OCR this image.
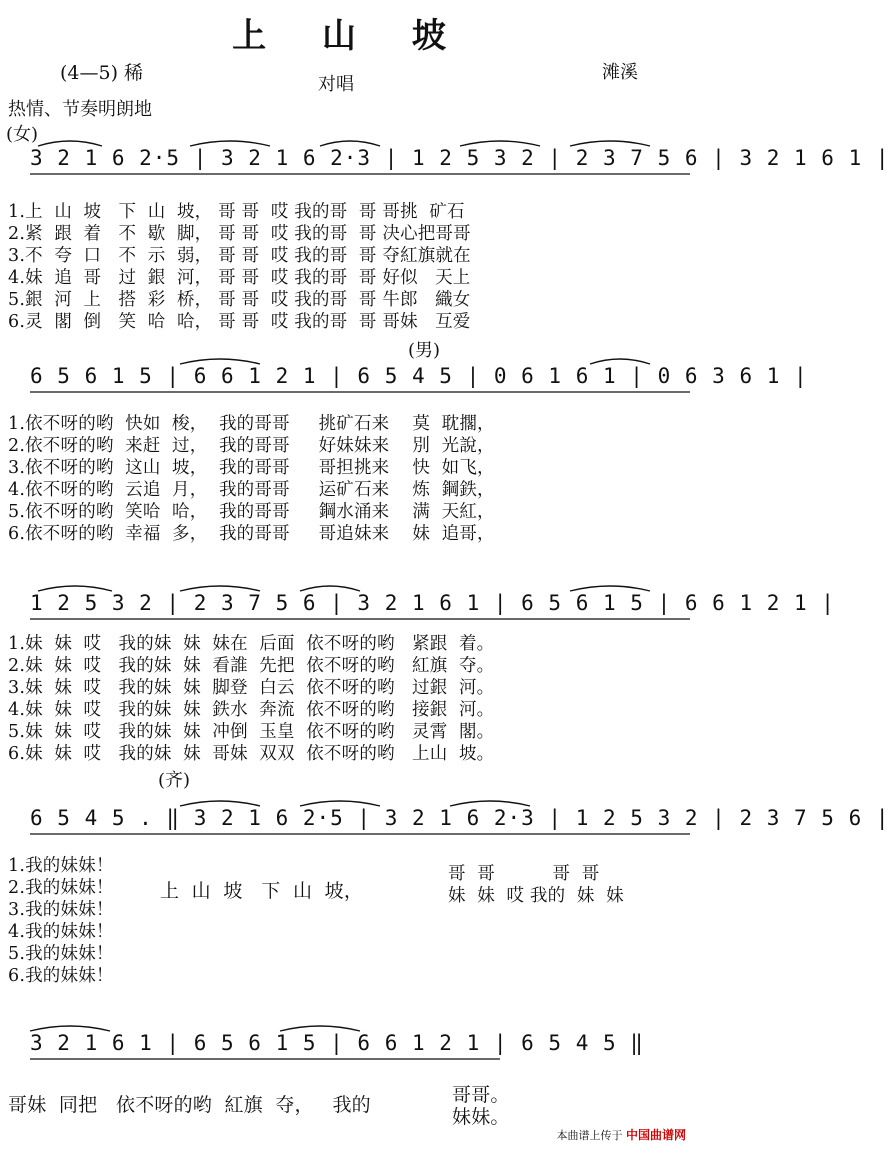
上 山 坡
(4—5) 稀
对唱
滩溪
热情、节奏明朗地
(女)
3 2 1 6 2·5 | 3 2 1 6 2·3 | 1 2 5 3 2 | 2 3 7 5 6 | 3 2 1 6 1 |
1.上  山  坡   下  山  坡， 哥 哥  哎 我的哥  哥 哥挑  矿石
2.紧  跟  着   不  歇  脚， 哥 哥  哎 我的哥  哥 决心把哥哥
3.不  夸  口   不  示  弱， 哥 哥  哎 我的哥  哥 夺紅旗就在
4.妹  追  哥   过  銀  河， 哥 哥  哎 我的哥  哥 好似   天上
5.銀  河  上   搭  彩  桥， 哥 哥  哎 我的哥  哥 牛郎   織女
6.灵  閣  倒   笑  哈  哈， 哥 哥  哎 我的哥  哥 哥妹   互爱
(男)
6 5 6 1 5 | 6 6 1 2 1 | 6 5 4 5 | 0 6 1 6 1 | 0 6 3 6 1 |
1.依不呀的哟  快如  梭，  我的哥哥     挑矿石来    莫  耽擱，
2.依不呀的哟  来赶  过，  我的哥哥     好妹妹来    別  光說，
3.依不呀的哟  这山  坡，  我的哥哥     哥担挑来    快  如飞，
4.依不呀的哟  云追  月，  我的哥哥     运矿石来    炼  鋼鉄，
5.依不呀的哟  笑哈  哈，  我的哥哥     鋼水涌来    满  天紅，
6.依不呀的哟  幸福  多，  我的哥哥     哥追妹来    妹  追哥，
1 2 5 3 2 | 2 3 7 5 6 | 3 2 1 6 1 | 6 5 6 1 5 | 6 6 1 2 1 |
1.妹  妹  哎   我的妹  妹  妹在  后面  依不呀的哟   紧跟  着。
2.妹  妹  哎   我的妹  妹  看誰  先把  依不呀的哟   紅旗  夺。
3.妹  妹  哎   我的妹  妹  脚登  白云  依不呀的哟   过銀  河。
4.妹  妹  哎   我的妹  妹  鉄水  奔流  依不呀的哟   接銀  河。
5.妹  妹  哎   我的妹  妹  冲倒  玉皇  依不呀的哟   灵霄  閣。
6.妹  妹  哎   我的妹  妹  哥妹  双双  依不呀的哟   上山  坡。
(齐)
6 5 4 5 . ‖ 3 2 1 6 2·5 | 3 2 1 6 2·3 | 1 2 5 3 2 | 2 3 7 5 6 |
1.我的妹妹！
2.我的妹妹！
3.我的妹妹！
4.我的妹妹！
5.我的妹妹！
6.我的妹妹！
上  山  坡   下  山  坡，
哥  哥          哥  哥
妹  妹  哎 我的  妹  妹
3 2 1 6 1 | 6 5 6 1 5 | 6 6 1 2 1 | 6 5 4 5 ‖
哥妹  同把   依不呀的哟  紅旗  夺，   我的	哥哥。
妹妹。
本曲谱上传于 中国曲谱网
